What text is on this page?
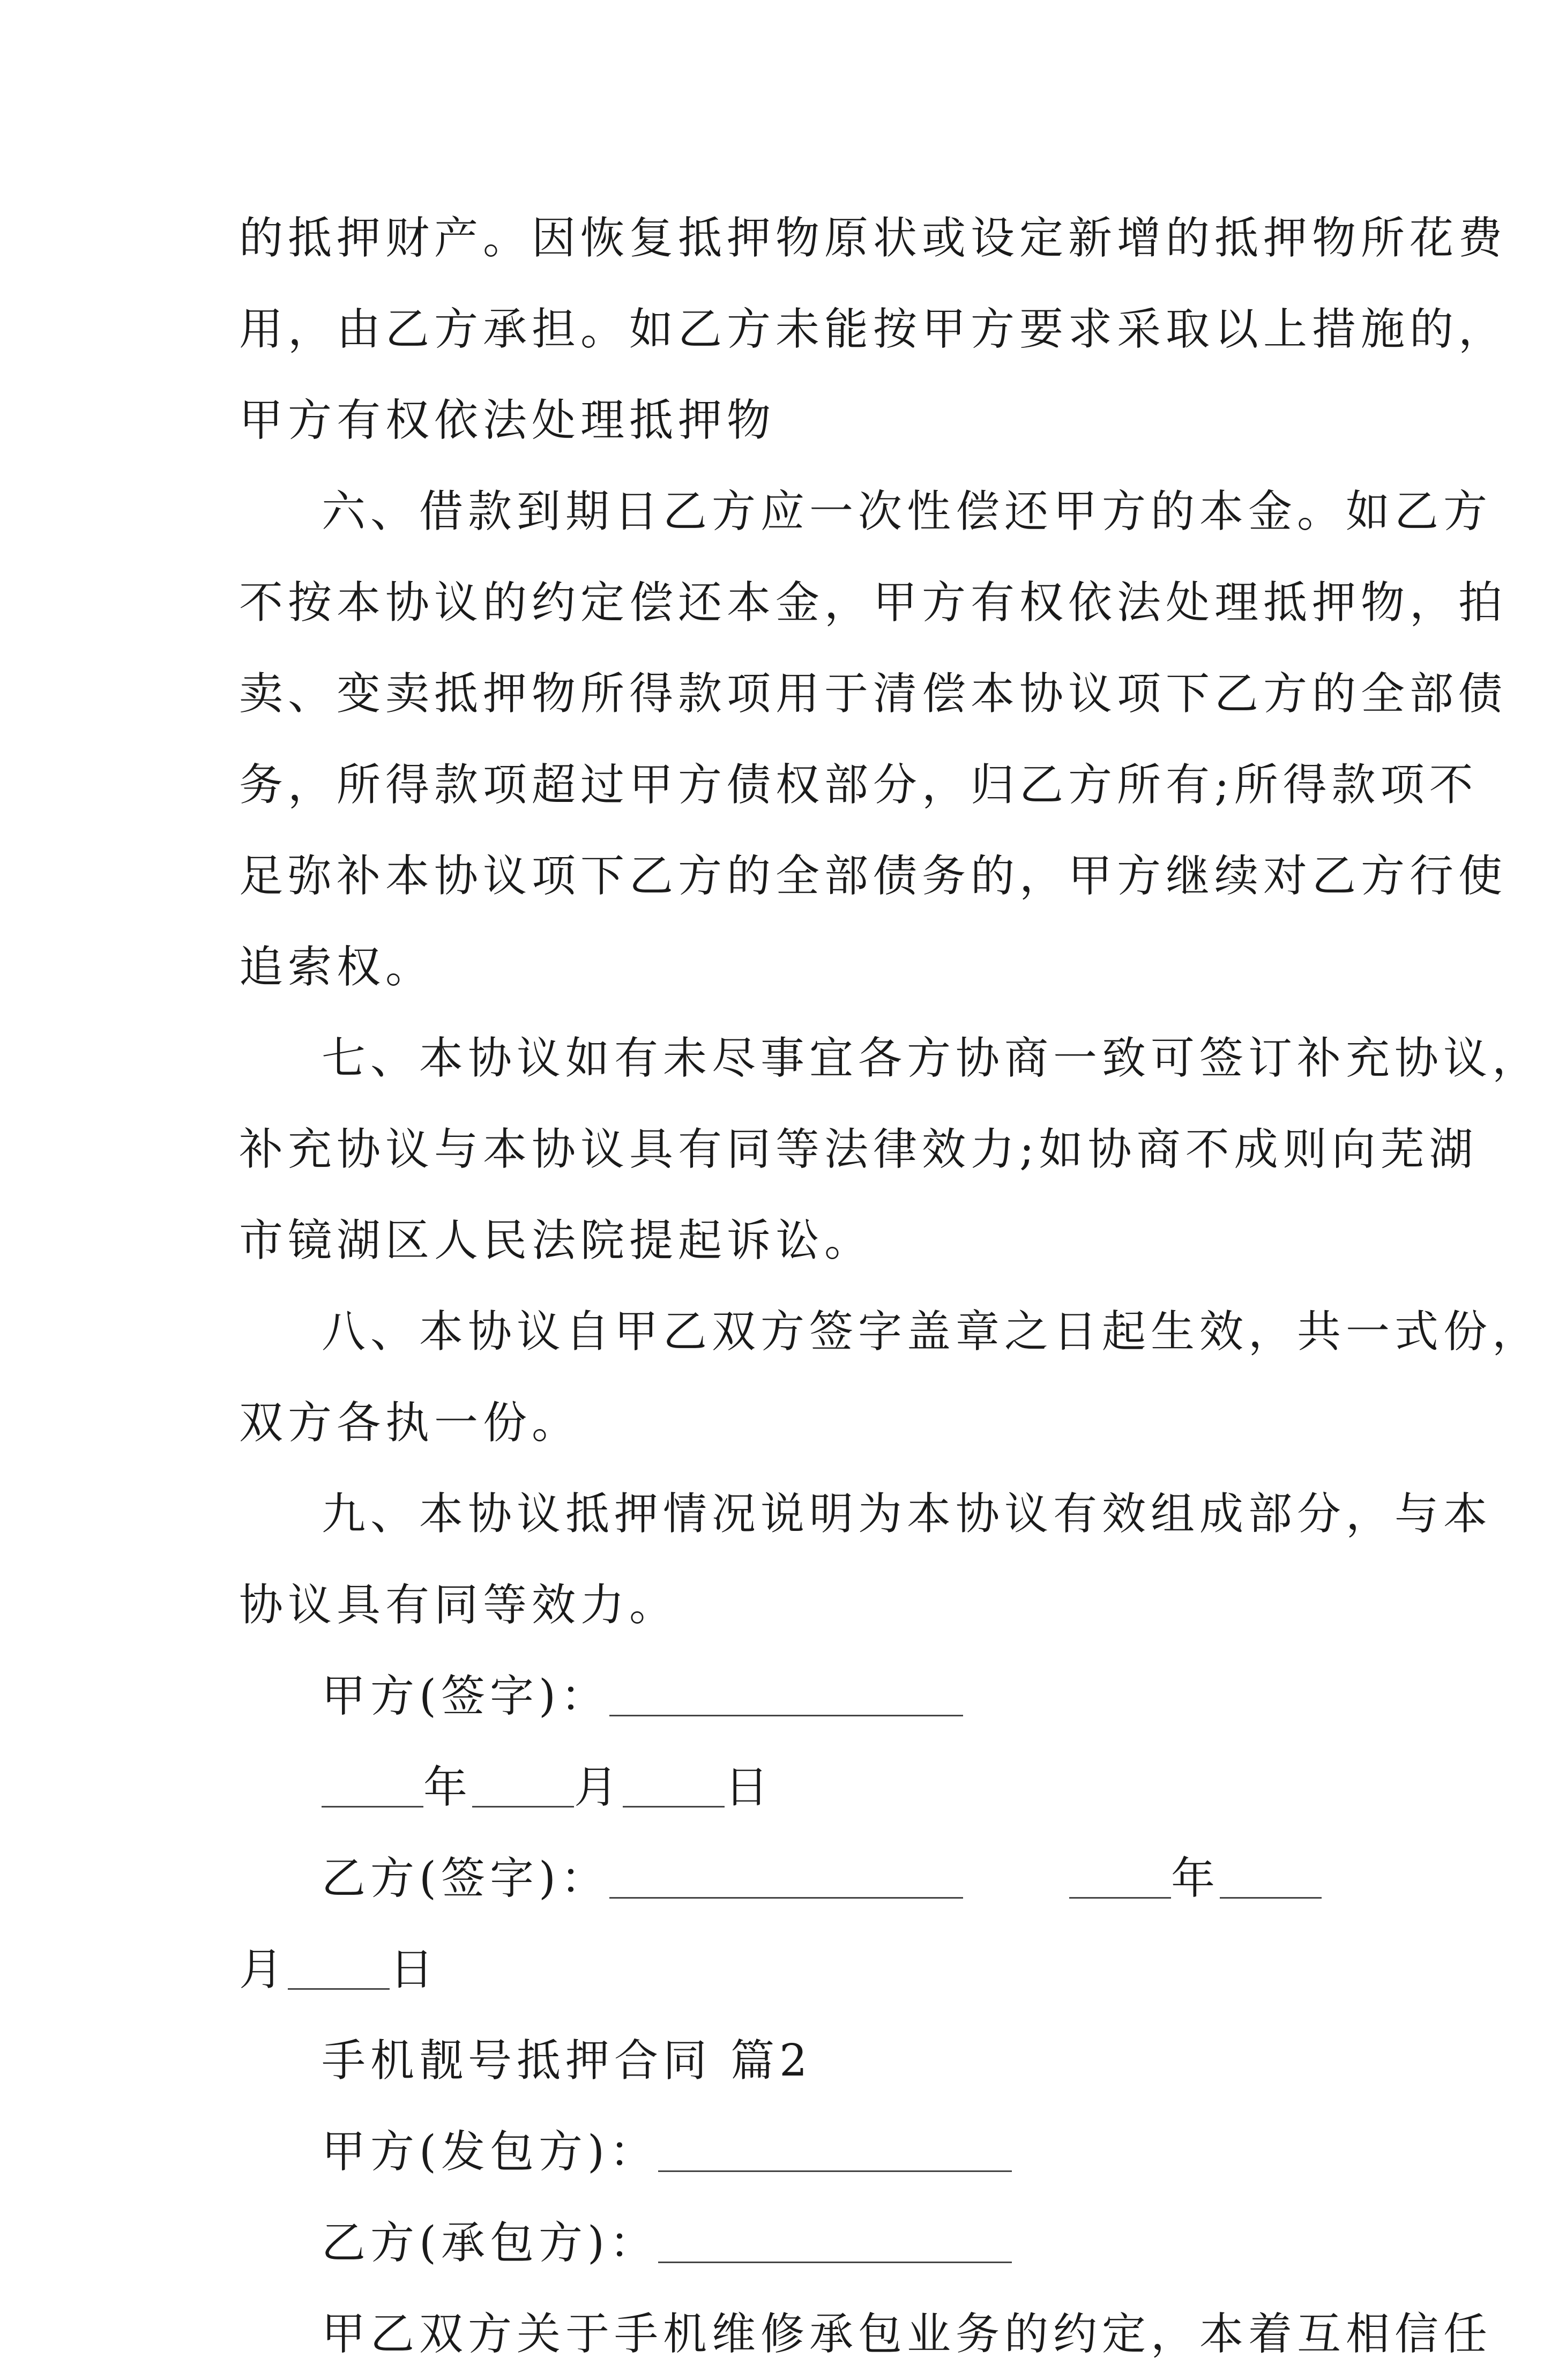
的抵押财产。因恢复抵押物原状或设定新增的抵押物所花费
用，由乙方承担。如乙方未能按甲方要求采取以上措施的，
甲方有权依法处理抵押物
六、借款到期日乙方应一次性偿还甲方的本金。如乙方
不按本协议的约定偿还本金，甲方有权依法处理抵押物，拍
卖、变卖抵押物所得款项用于清偿本协议项下乙方的全部债
务，所得款项超过甲方债权部分，归乙方所有;所得款项不
足弥补本协议项下乙方的全部债务的，甲方继续对乙方行使
追索权。
七、本协议如有未尽事宜各方协商一致可签订补充协议，
补充协议与本协议具有同等法律效力;如协商不成则向芜湖
市镜湖区人民法院提起诉讼。
八、本协议自甲乙双方签字盖章之日起生效，共一式份，
双方各执一份。
九、本协议抵押情况说明为本协议有效组成部分，与本
协议具有同等效力。
甲方(签字)：
年 月 日
乙方(签字)：	年
月 日
手机靓号抵押合同 篇2
甲方(发包方)：
乙方(承包方)：
甲乙双方关于手机维修承包业务的约定，本着互相信任
